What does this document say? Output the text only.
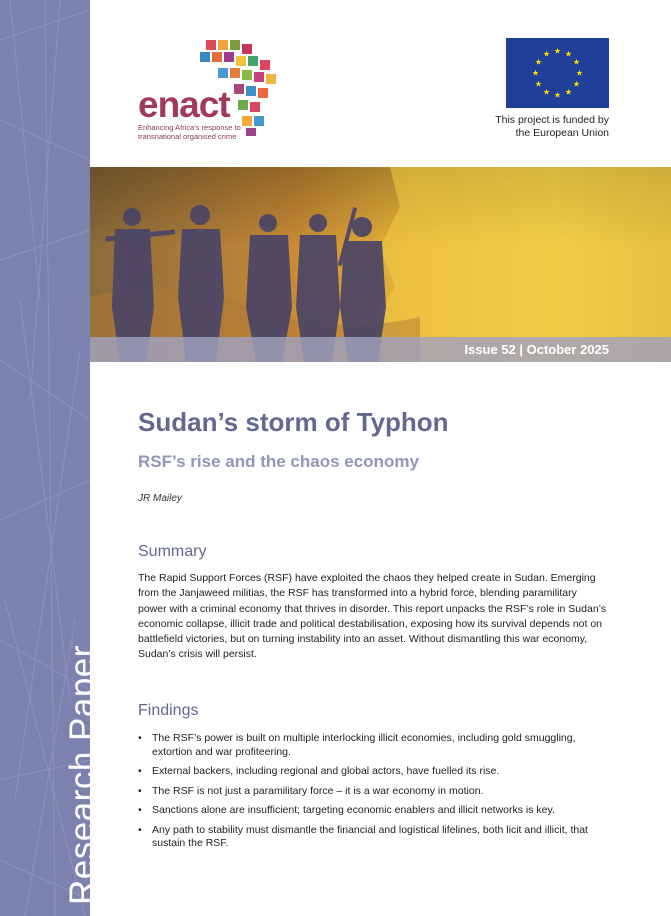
Research Paper
enact
Enhancing Africa's response to transnational organised crime
This project is funded by the European Union
Issue 52 | October 2025
Sudan’s storm of Typhon
RSF’s rise and the chaos economy
JR Mailey
Summary

The Rapid Support Forces (RSF) have exploited the chaos they helped create in Sudan. Emerging from the Janjaweed militias, the RSF has transformed into a hybrid force, blending paramilitary power with a criminal economy that thrives in disorder. This report unpacks the RSF’s role in Sudan’s economic collapse, illicit trade and political destabilisation, exposing how its survival depends not on battlefield victories, but on turning instability into an asset. Without dismantling this war economy, Sudan’s crisis will persist.

Findings
• The RSF’s power is built on multiple interlocking illicit economies, including gold smuggling, extortion and war profiteering.
• External backers, including regional and global actors, have fuelled its rise.
• The RSF is not just a paramilitary force – it is a war economy in motion.
• Sanctions alone are insufficient; targeting economic enablers and illicit networks is key.
• Any path to stability must dismantle the financial and logistical lifelines, both licit and illicit, that sustain the RSF.
